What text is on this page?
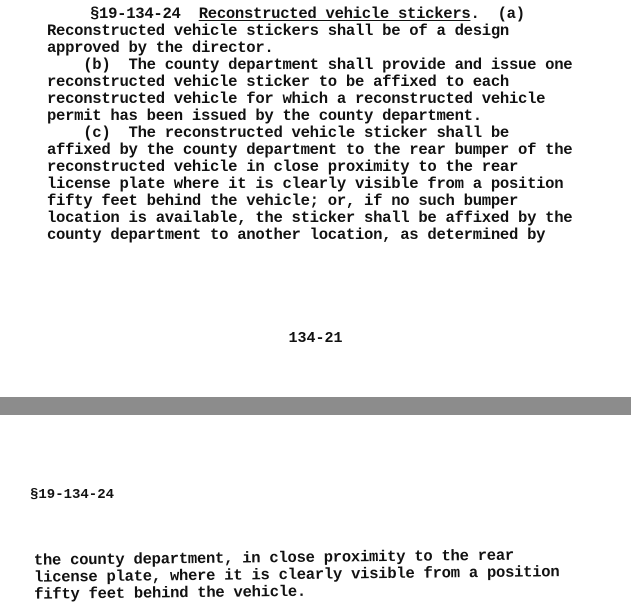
§19-134-24 Reconstructed vehicle stickers.  (a)

Reconstructed vehicle stickers shall be of a design

approved by the director.

(b)  The county department shall provide and issue one

reconstructed vehicle sticker to be affixed to each

reconstructed vehicle for which a reconstructed vehicle

permit has been issued by the county department.

(c)  The reconstructed vehicle sticker shall be

affixed by the county department to the rear bumper of the

reconstructed vehicle in close proximity to the rear

license plate where it is clearly visible from a position

fifty feet behind the vehicle; or, if no such bumper

location is available, the sticker shall be affixed by the

county department to another location, as determined by

134-21

§19-134-24

the county department, in close proximity to the rear

license plate, where it is clearly visible from a position

fifty feet behind the vehicle.
